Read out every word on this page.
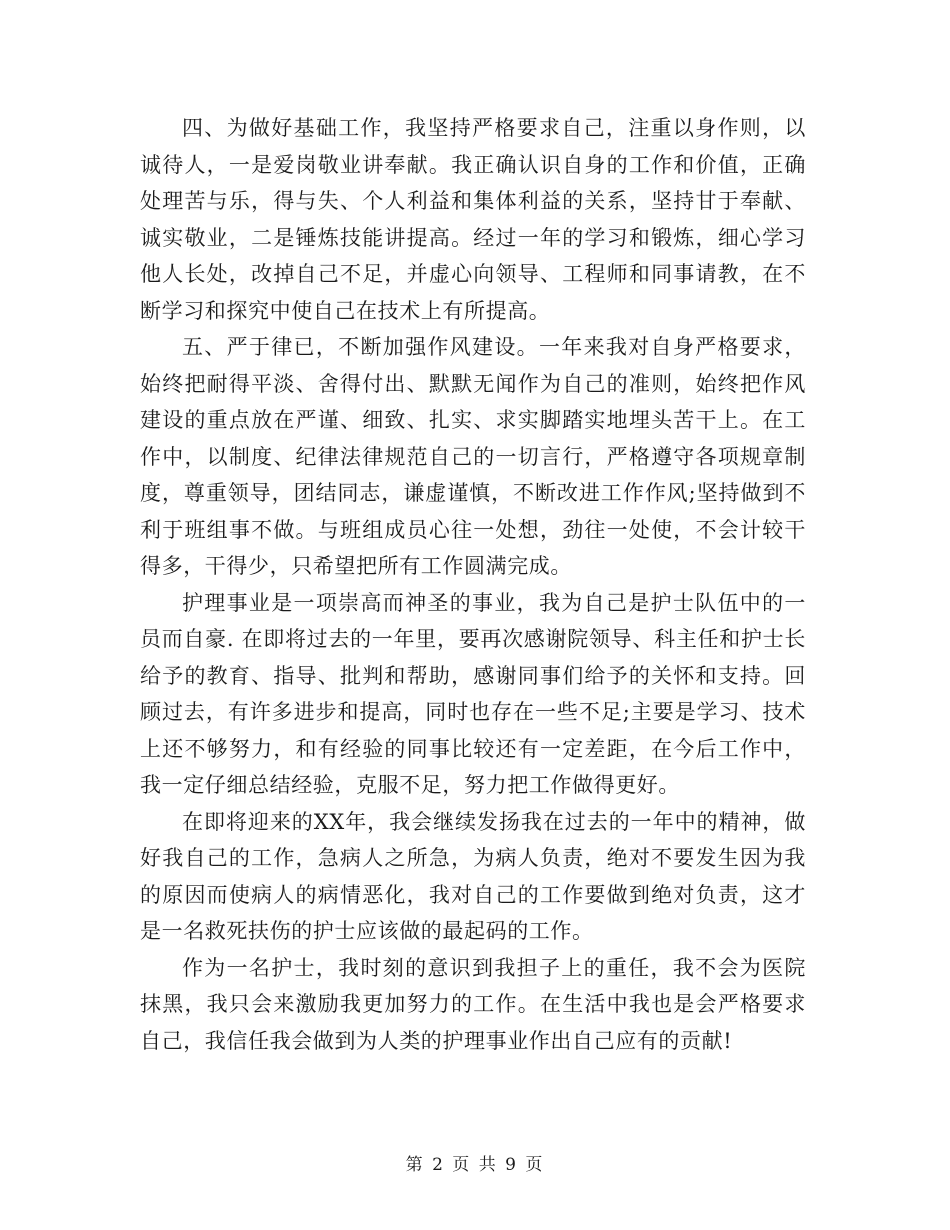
四、为做好基础工作，我坚持严格要求自己，注重以身作则，以诚待人，一是爱岗敬业讲奉献。我正确认识自身的工作和价值，正确处理苦与乐，得与失、个人利益和集体利益的关系，坚持甘于奉献、诚实敬业，二是锤炼技能讲提高。经过一年的学习和锻炼，细心学习他人长处，改掉自己不足，并虚心向领导、工程师和同事请教，在不断学习和探究中使自己在技术上有所提高。

五、严于律已，不断加强作风建设。一年来我对自身严格要求，始终把耐得平淡、舍得付出、默默无闻作为自己的准则，始终把作风建设的重点放在严谨、细致、扎实、求实脚踏实地埋头苦干上。在工作中，以制度、纪律法律规范自己的一切言行，严格遵守各项规章制度，尊重领导，团结同志，谦虚谨慎，不断改进工作作风;坚持做到不利于班组事不做。与班组成员心往一处想，劲往一处使，不会计较干得多，干得少，只希望把所有工作圆满完成。

护理事业是一项崇高而神圣的事业，我为自己是护士队伍中的一员而自豪. 在即将过去的一年里，要再次感谢院领导、科主任和护士长给予的教育、指导、批判和帮助，感谢同事们给予的关怀和支持。回顾过去，有许多进步和提高，同时也存在一些不足;主要是学习、技术上还不够努力，和有经验的同事比较还有一定差距，在今后工作中，我一定仔细总结经验，克服不足，努力把工作做得更好。

在即将迎来的XX年，我会继续发扬我在过去的一年中的精神，做好我自己的工作，急病人之所急，为病人负责，绝对不要发生因为我的原因而使病人的病情恶化，我对自己的工作要做到绝对负责，这才是一名救死扶伤的护士应该做的最起码的工作。

作为一名护士，我时刻的意识到我担子上的重任，我不会为医院抹黑，我只会来激励我更加努力的工作。在生活中我也是会严格要求自己，我信任我会做到为人类的护理事业作出自己应有的贡献!

第 2 页 共 9 页
